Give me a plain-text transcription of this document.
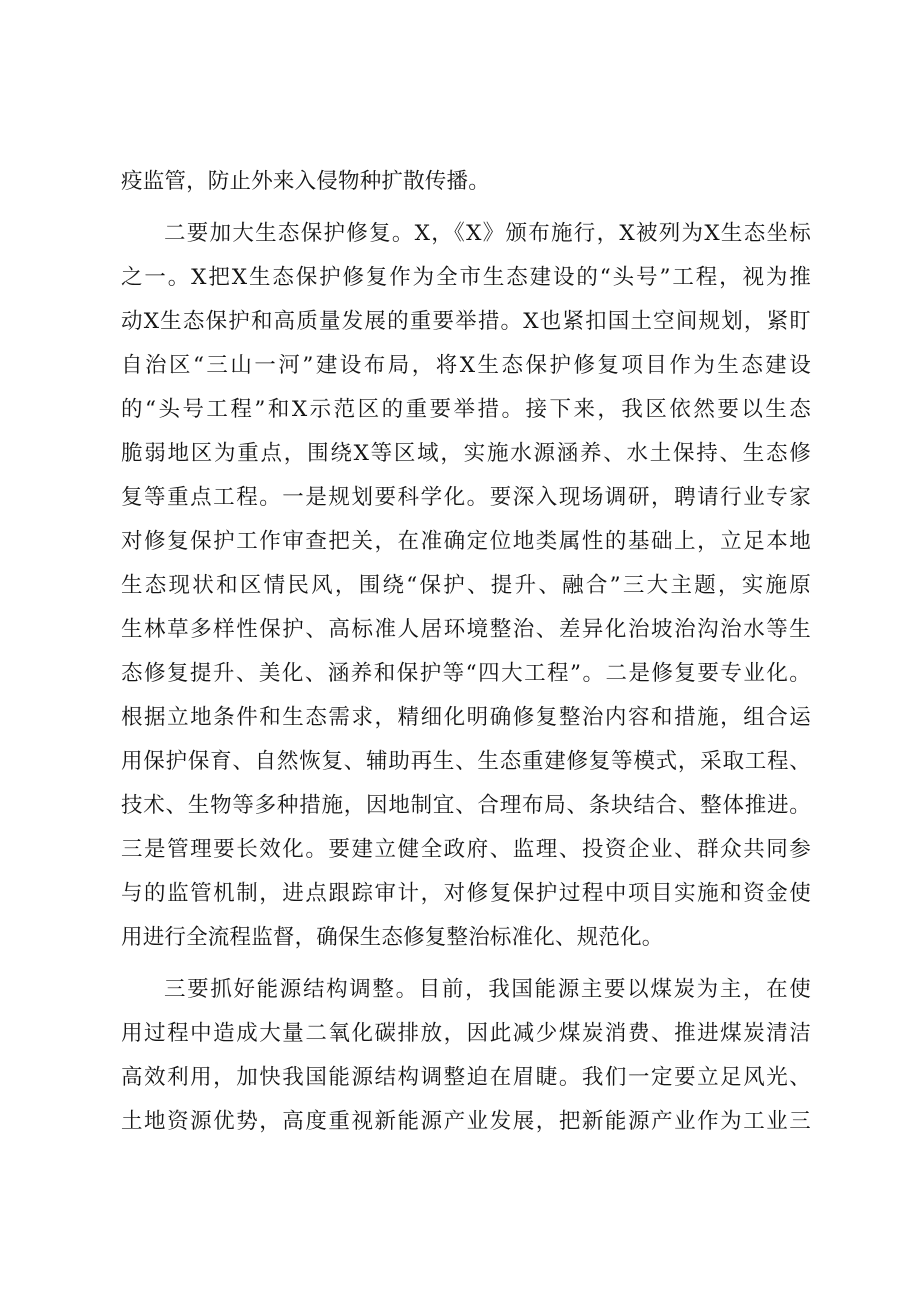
疫监管，防止外来入侵物种扩散传播。
二要加大生态保护修复。X，《X》颁布施行，X被列为X生态坐标
之一。X把X生态保护修复作为全市生态建设的“头号”工程，视为推
动X生态保护和高质量发展的重要举措。X也紧扣国土空间规划，紧盯
自治区“三山一河”建设布局，将X生态保护修复项目作为生态建设
的“头号工程”和X示范区的重要举措。接下来，我区依然要以生态
脆弱地区为重点，围绕X等区域，实施水源涵养、水土保持、生态修
复等重点工程。一是规划要科学化。要深入现场调研，聘请行业专家
对修复保护工作审查把关，在准确定位地类属性的基础上，立足本地
生态现状和区情民风，围绕“保护、提升、融合”三大主题，实施原
生林草多样性保护、高标准人居环境整治、差异化治坡治沟治水等生
态修复提升、美化、涵养和保护等“四大工程”。二是修复要专业化。
根据立地条件和生态需求，精细化明确修复整治内容和措施，组合运
用保护保育、自然恢复、辅助再生、生态重建修复等模式，采取工程、
技术、生物等多种措施，因地制宜、合理布局、条块结合、整体推进。
三是管理要长效化。要建立健全政府、监理、投资企业、群众共同参
与的监管机制，进点跟踪审计，对修复保护过程中项目实施和资金使
用进行全流程监督，确保生态修复整治标准化、规范化。
三要抓好能源结构调整。目前，我国能源主要以煤炭为主，在使
用过程中造成大量二氧化碳排放，因此减少煤炭消费、推进煤炭清洁
高效利用，加快我国能源结构调整迫在眉睫。我们一定要立足风光、
土地资源优势，高度重视新能源产业发展，把新能源产业作为工业三
